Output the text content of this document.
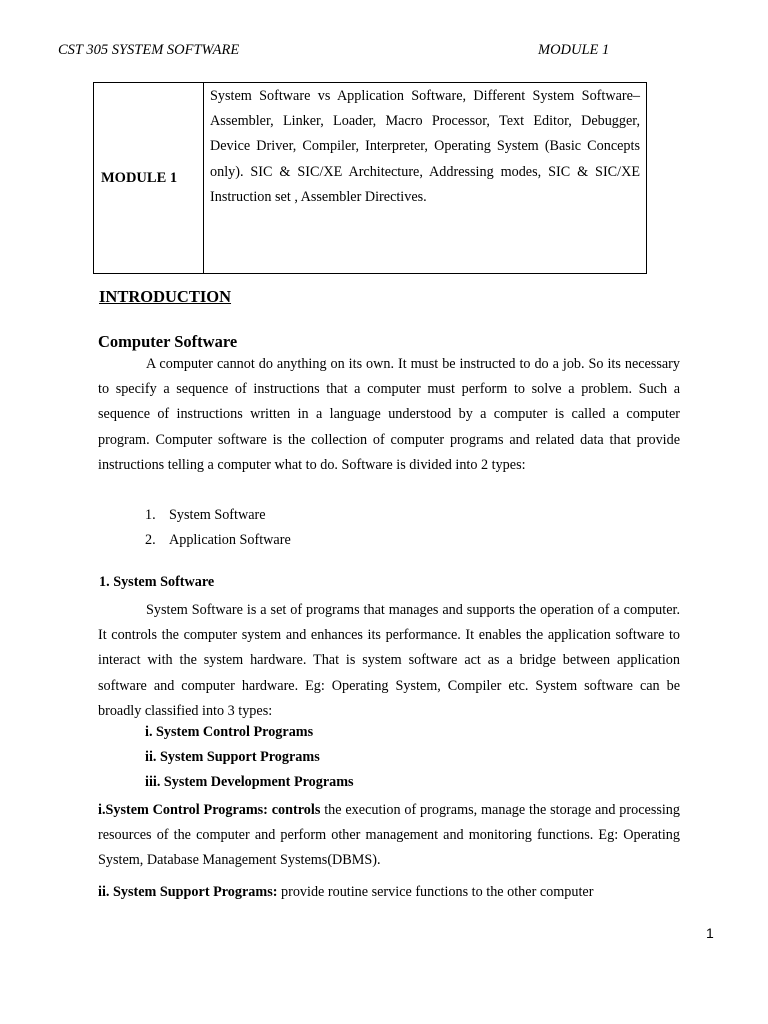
CST 305 SYSTEM SOFTWARE	MODULE 1
MODULE 1
System Software vs Application Software, Different System Software– Assembler, Linker, Loader, Macro Processor, Text Editor, Debugger, Device Driver, Compiler, Interpreter, Operating System (Basic Concepts only). SIC & SIC/XE Architecture, Addressing modes, SIC & SIC/XE Instruction set , Assembler Directives.
INTRODUCTION
Computer Software
A computer cannot do anything on its own. It must be instructed to do a job. So its necessary to specify a sequence of instructions that a computer must perform to solve a problem. Such a sequence of instructions written in a language understood by a computer is called a computer program. Computer software is the collection of computer programs and related data that provide instructions telling a computer what to do. Software is divided into 2 types:
1. System Software
2. Application Software
1. System Software
System Software is a set of programs that manages and supports the operation of a computer. It controls the computer system and enhances its performance. It enables the application software to interact with the system hardware. That is system software act as a bridge between application software and computer hardware. Eg: Operating System, Compiler etc. System software can be broadly classified into 3 types:
i. System Control Programs
ii. System Support Programs
iii. System Development Programs
i.System Control Programs: controls the execution of programs, manage the storage and processing resources of the computer and perform other management and monitoring functions. Eg: Operating System, Database Management Systems(DBMS).
ii. System Support Programs: provide routine service functions to the other computer
1
